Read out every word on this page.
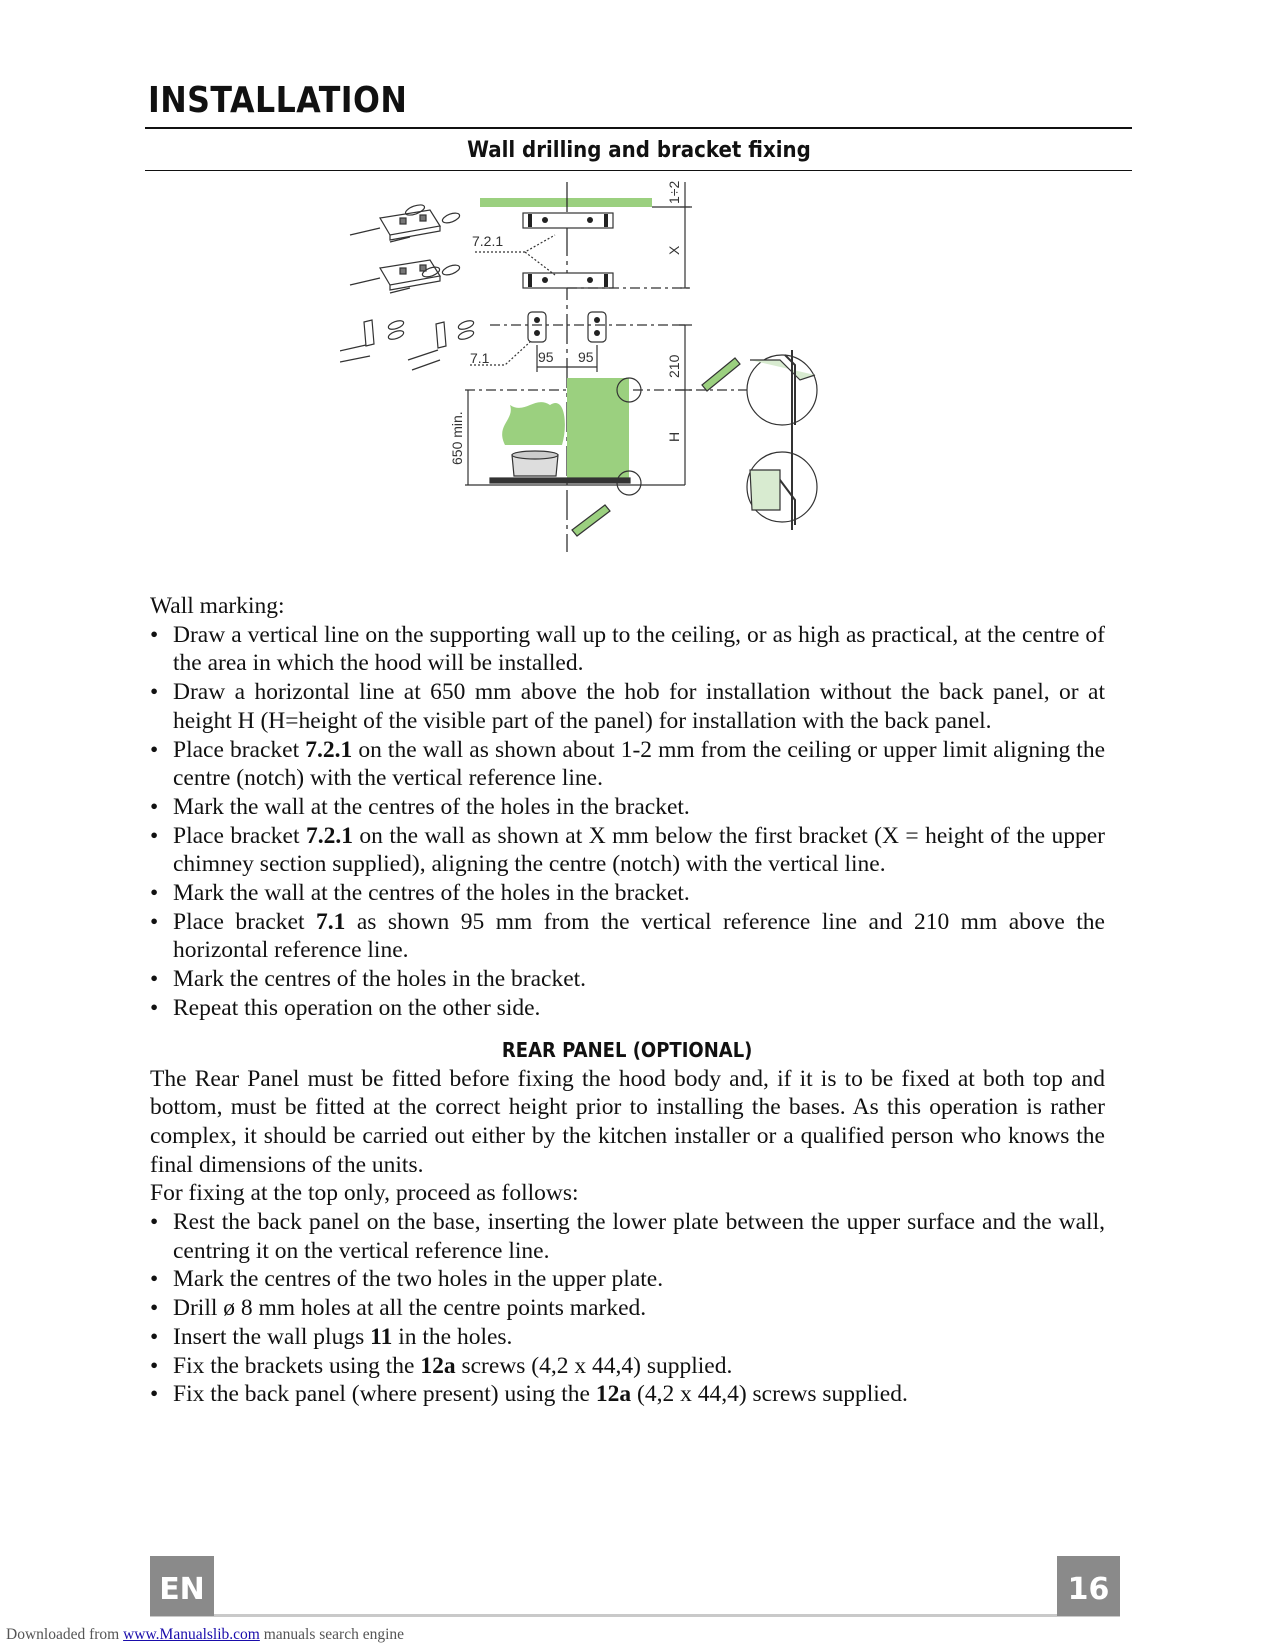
INSTALLATION
Wall drilling and bracket fixing
7.2.1
7.1	95 95
1÷2
X
210
H
650 min.

Wall marking:

• Draw a vertical line on the supporting wall up to the ceiling, or as high as practical, at the centre of the area in which the hood will be installed.
• Draw a horizontal line at 650 mm above the hob for installation without the back panel, or at height H (H=height of the visible part of the panel) for installation with the back panel.
• Place bracket 7.2.1 on the wall as shown about 1-2 mm from the ceiling or upper limit aligning the centre (notch) with the vertical reference line.
• Mark the wall at the centres of the holes in the bracket.
• Place bracket 7.2.1 on the wall as shown at X mm below the first bracket (X = height of the upper chimney section supplied), aligning the centre (notch) with the vertical line.
• Mark the wall at the centres of the holes in the bracket.
• Place bracket 7.1 as shown 95 mm from the vertical reference line and 210 mm above the horizontal reference line.
• Mark the centres of the holes in the bracket.
• Repeat this operation on the other side.
REAR PANEL (OPTIONAL)

The Rear Panel must be fitted before fixing the hood body and, if it is to be fixed at both top and bottom, must be fitted at the correct height prior to installing the bases. As this operation is rather complex, it should be carried out either by the kitchen installer or a qualified person who knows the final dimensions of the units.

For fixing at the top only, proceed as follows:

• Rest the back panel on the base, inserting the lower plate between the upper surface and the wall, centring it on the vertical reference line.
• Mark the centres of the two holes in the upper plate.
• Drill ø 8 mm holes at all the centre points marked.
• Insert the wall plugs 11 in the holes.
• Fix the brackets using the 12a screws (4,2 x 44,4) supplied.
• Fix the back panel (where present) using the 12a (4,2 x 44,4) screws supplied.
EN	16
Downloaded from www.Manualslib.com manuals search engine
